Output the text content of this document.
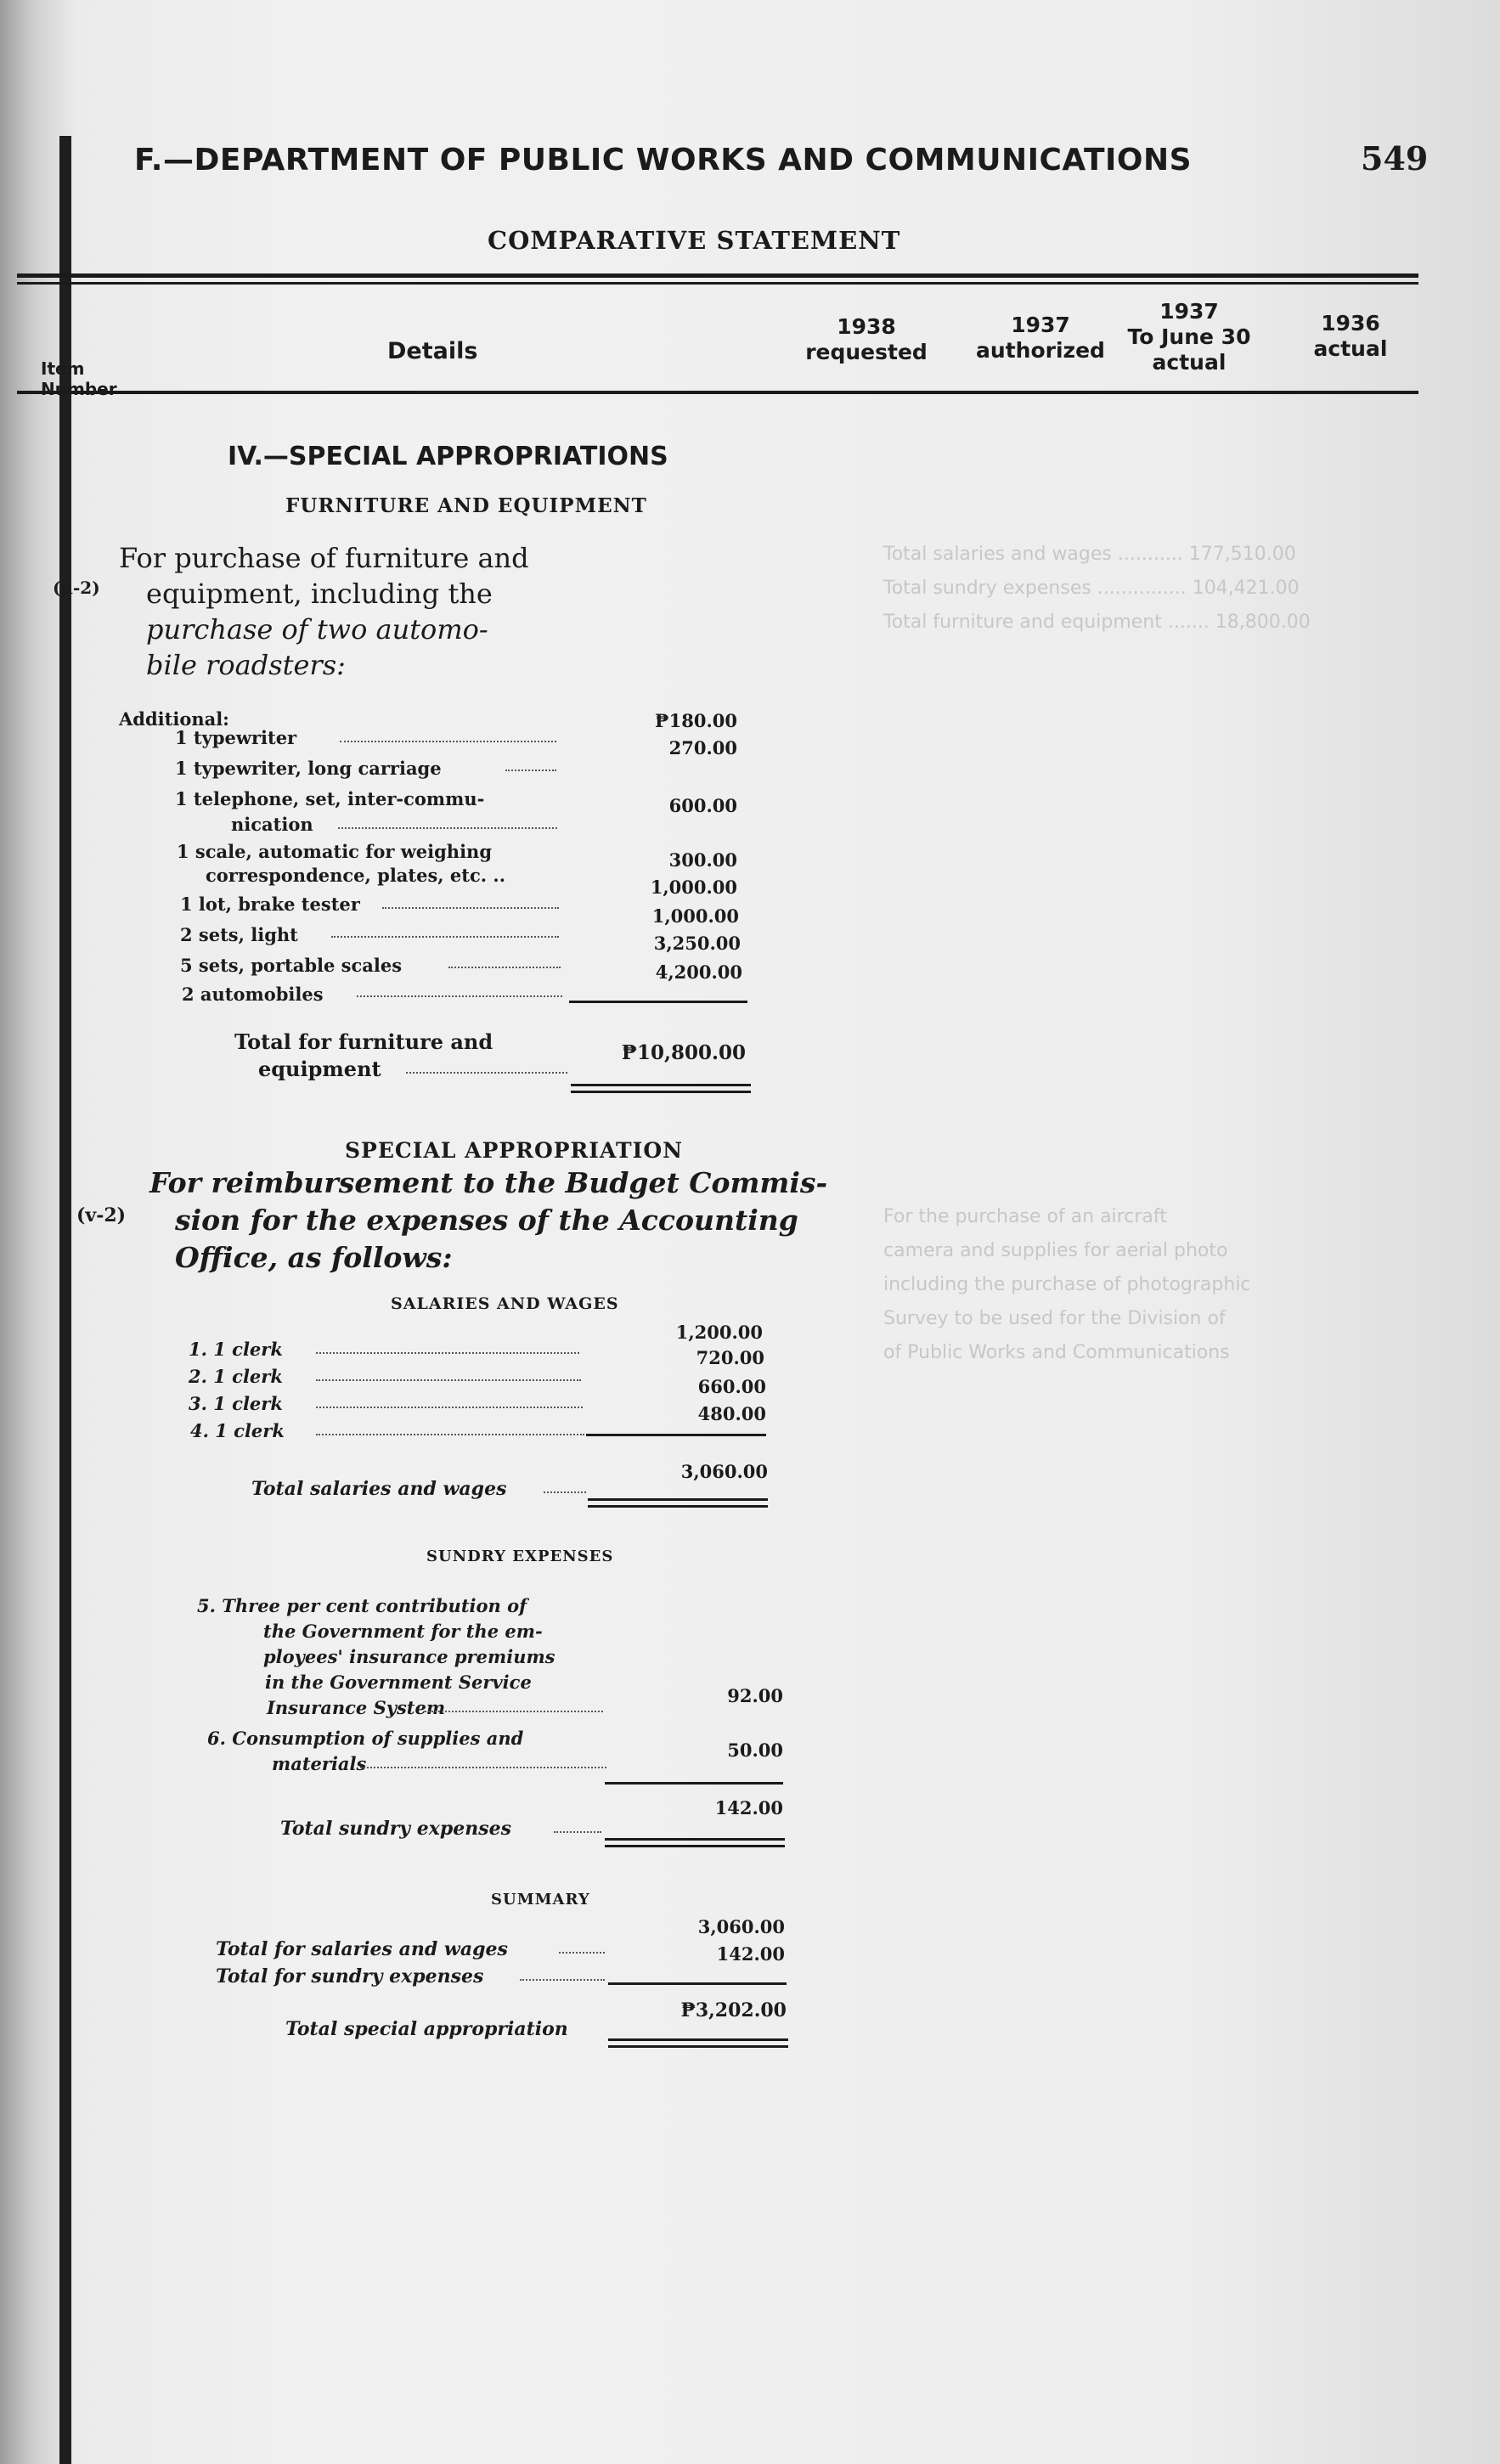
Total salaries and wages ........... 177,510.00
Total sundry expenses ............... 104,421.00
Total furniture and equipment ....... 18,800.00
For the purchase of an aircraft
camera and supplies for aerial photo
including the purchase of photographic
Survey to be used for the Division of
of Public Works and Communications
F.—DEPARTMENT OF PUBLIC WORKS AND COMMUNICATIONS	549
COMPARATIVE STATEMENT
Item
Number
Details
1938
requested
1937
authorized
1937
To June 30
actual
1936
actual
IV.—SPECIAL APPROPRIATIONS
FURNITURE AND EQUIPMENT
(u-2)
For purchase of furniture and
equipment, including the
purchase of two automo-
bile roadsters:
Additional:
1 typewriter
₱180.00
1 typewriter, long carriage
270.00
1 telephone, set, inter-commu-
nication
600.00
1 scale, automatic for weighing
correspondence, plates, etc. ..
300.00
1 lot, brake tester
1,000.00
2 sets, light
1,000.00
5 sets, portable scales
3,250.00
2 automobiles
4,200.00
Total for furniture and
equipment
₱10,800.00
SPECIAL APPROPRIATION
(v-2)
For reimbursement to the Budget Commis-
sion for the expenses of the Accounting
Office, as follows:
SALARIES AND WAGES
1. 1 clerk
1,200.00
2. 1 clerk
720.00
3. 1 clerk
660.00
4. 1 clerk
480.00
Total salaries and wages
3,060.00
SUNDRY EXPENSES
5. Three per cent contribution of
the Government for the em-
ployees' insurance premiums
in the Government Service
Insurance System
92.00
6. Consumption of supplies and
materials
50.00
Total sundry expenses
142.00
SUMMARY
Total for salaries and wages
3,060.00
Total for sundry expenses
142.00
Total special appropriation
₱3,202.00
